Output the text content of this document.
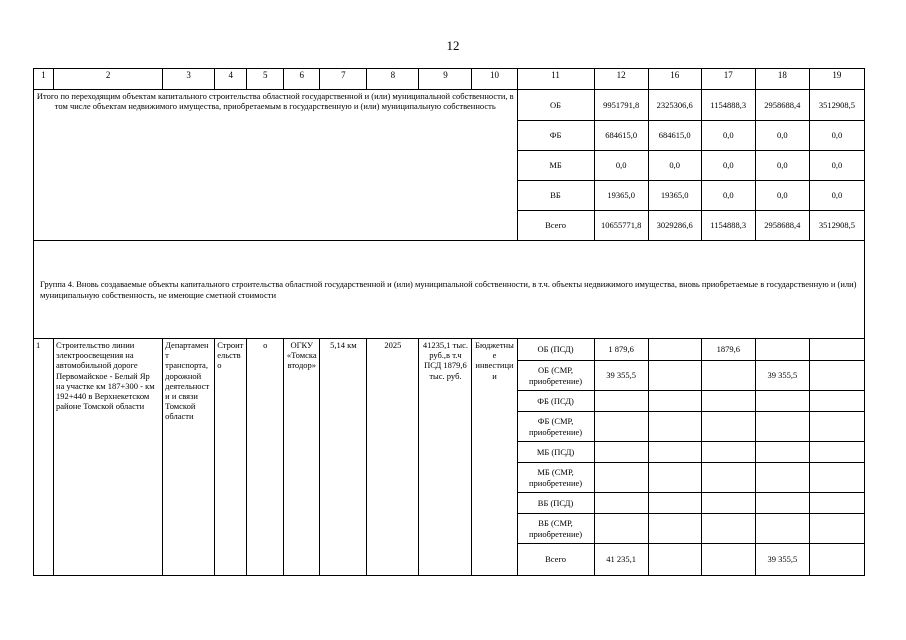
12
1	2	3	4	5	6	7	8	9	10	11	12	16	17	18	19
Итого по переходящим объектам капитального строительства областной государственной и (или) муниципальной собственности, в том числе объектам недвижимого имущества, приобретаемым в государственную и (или) муниципальную собственность										ОБ	9951791,8	2325306,6	1154888,3	2958688,4	3512908,5
										ФБ	684615,0	684615,0	0,0	0,0	0,0
										МБ	0,0	0,0	0,0	0,0	0,0
										ВБ	19365,0	19365,0	0,0	0,0	0,0
										Всего	10655771,8	3029286,6	1154888,3	2958688,4	3512908,5
Группа 4. Вновь создаваемые объекты капитального строительства областной государственной и (или) муниципальной собственности, в т.ч. объекты недвижимого имущества, вновь приобретаемые в государственную и (или) муниципальную собственность, не имеющие сметной стоимости															
1	Строительство линии электроосвещения на автомобильной дороге Первомайское - Белый Яр на участке км 187+300 - км 192+440 в Верхнекетском районе Томской области	Департамент транспорта, дорожной деятельности и связи Томской области	Строительство	о	ОГКУ «Томскавтодор»	5,14 км	2025	41235,1 тыс. руб.,в т.ч ПСД 1879,6 тыс. руб.	Бюджетные инвестиции	ОБ (ПСД)	1 879,6		1879,6		
										ОБ (СМР, приобретение)	39 355,5			39 355,5	
										ФБ (ПСД)					
										ФБ (СМР, приобретение)					
										МБ (ПСД)					
										МБ (СМР, приобретение)					
										ВБ (ПСД)					
										ВБ (СМР, приобретение)					
										Всего	41 235,1			39 355,5	
